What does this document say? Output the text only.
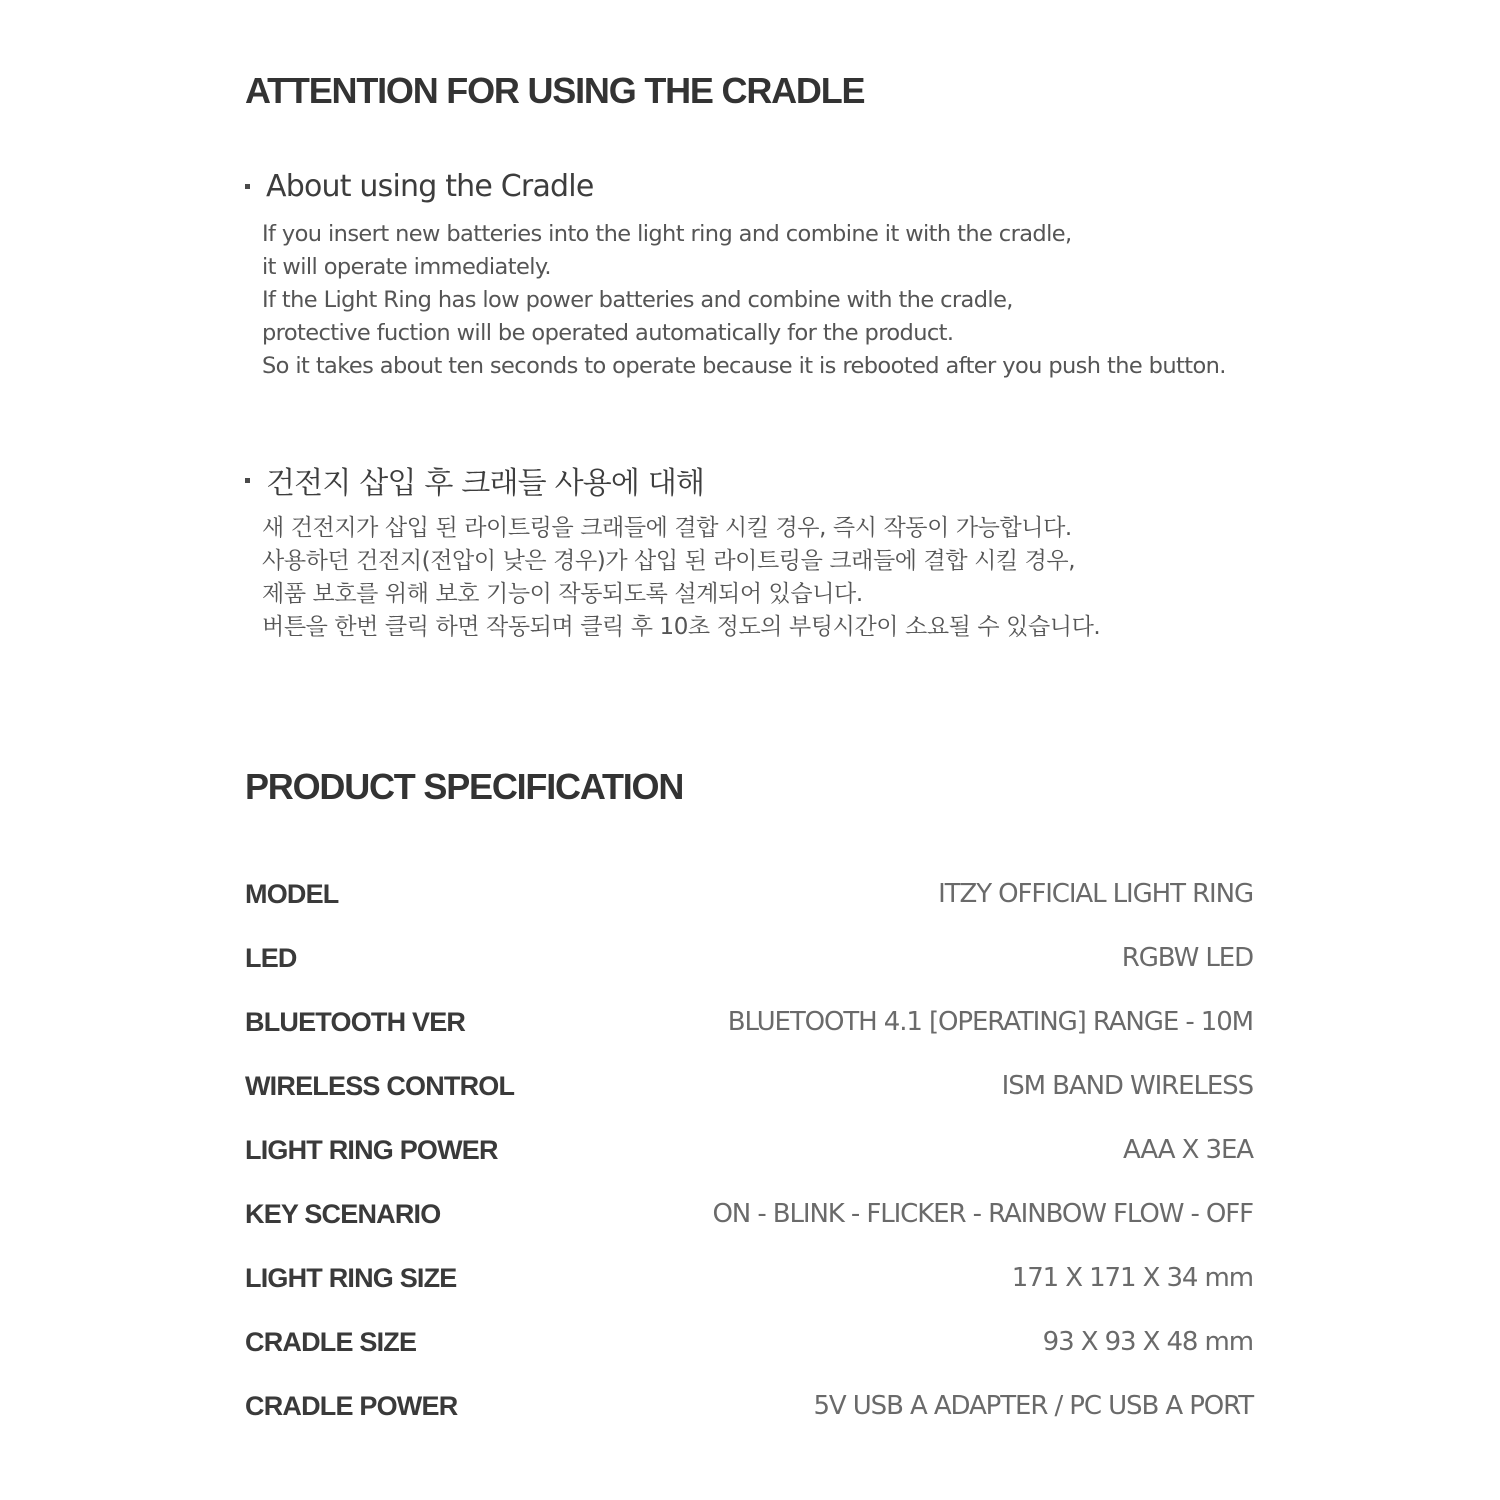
ATTENTION FOR USING THE CRADLE
About using the Cradle
If you insert new batteries into the light ring and combine it with the cradle,
it will operate immediately.
If the Light Ring has low power batteries and combine with the cradle,
protective fuction will be operated automatically for the product.
So it takes about ten seconds to operate because it is rebooted after you push the button.
건전지 삽입 후 크래들 사용에 대해
새 건전지가 삽입 된 라이트링을 크래들에 결합 시킬 경우, 즉시 작동이 가능합니다.
사용하던 건전지(전압이 낮은 경우)가 삽입 된 라이트링을 크래들에 결합 시킬 경우,
제품 보호를 위해 보호 기능이 작동되도록 설계되어 있습니다.
버튼을 한번 클릭 하면 작동되며 클릭 후 10초 정도의 부팅시간이 소요될 수 있습니다.
PRODUCT SPECIFICATION
MODEL	ITZY OFFICIAL LIGHT RING
LED	RGBW LED
BLUETOOTH VER	BLUETOOTH 4.1 [OPERATING] RANGE - 10M
WIRELESS CONTROL	ISM BAND WIRELESS
LIGHT RING POWER	AAA X 3EA
KEY SCENARIO	ON - BLINK - FLICKER - RAINBOW FLOW - OFF
LIGHT RING SIZE	171 X 171 X 34 mm
CRADLE SIZE	93 X 93 X 48 mm
CRADLE POWER	5V USB A ADAPTER / PC USB A PORT
